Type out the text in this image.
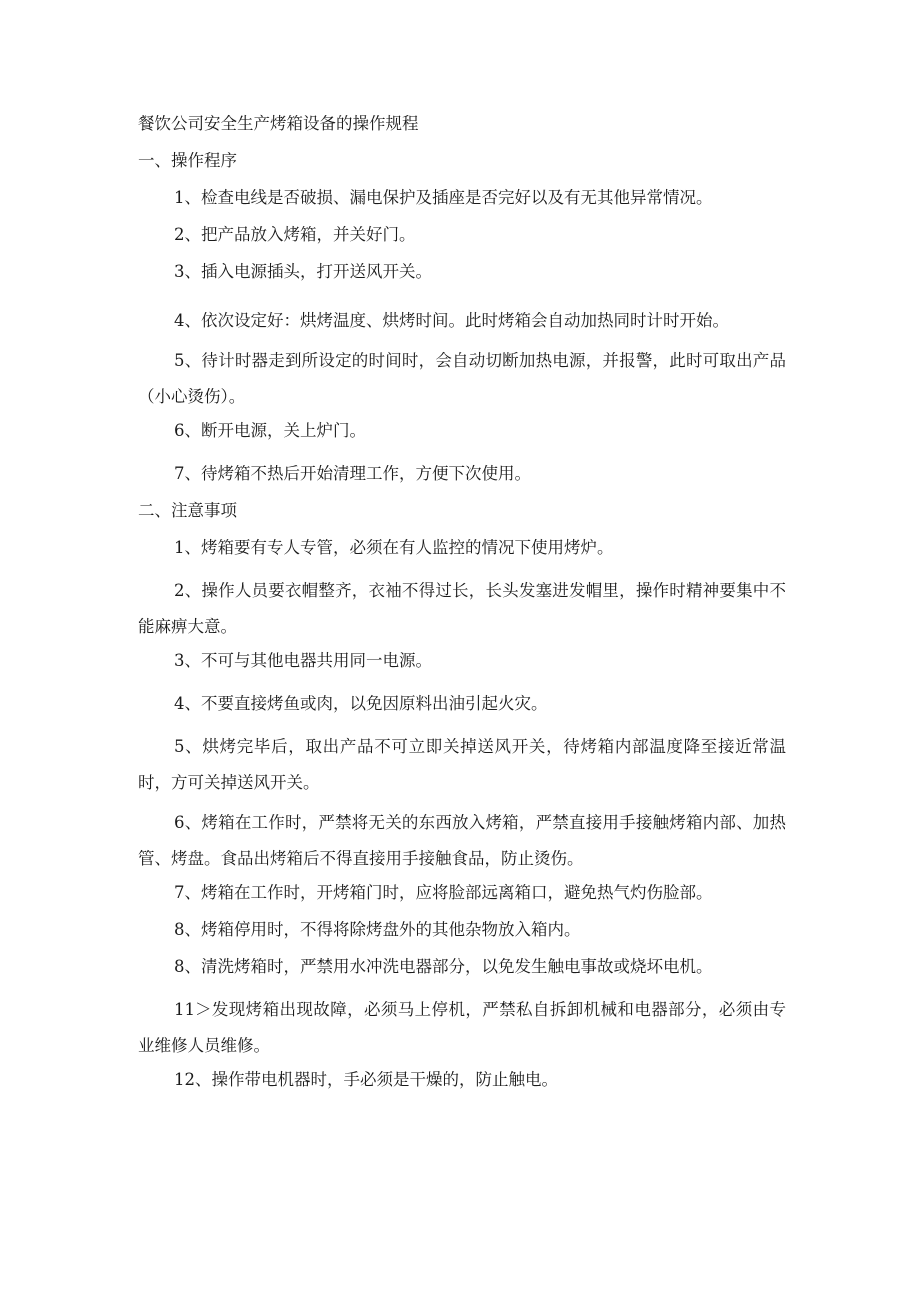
餐饮公司安全生产烤箱设备的操作规程

一、操作程序

1、检查电线是否破损、漏电保护及插座是否完好以及有无其他异常情况。

2、把产品放入烤箱，并关好门。

3、插入电源插头，打开送风开关。

4、依次设定好：烘烤温度、烘烤时间。此时烤箱会自动加热同时计时开始。

5、待计时器走到所设定的时间时，会自动切断加热电源，并报警，此时可取出产品（小心烫伤）。

6、断开电源，关上炉门。

7、待烤箱不热后开始清理工作，方便下次使用。

二、注意事项

1、烤箱要有专人专管，必须在有人监控的情况下使用烤炉。

2、操作人员要衣帽整齐，衣袖不得过长，长头发塞进发帽里，操作时精神要集中不能麻痹大意。

3、不可与其他电器共用同一电源。

4、不要直接烤鱼或肉，以免因原料出油引起火灾。

5、烘烤完毕后，取出产品不可立即关掉送风开关，待烤箱内部温度降至接近常温时，方可关掉送风开关。

6、烤箱在工作时，严禁将无关的东西放入烤箱，严禁直接用手接触烤箱内部、加热管、烤盘。食品出烤箱后不得直接用手接触食品，防止烫伤。

7、烤箱在工作时，开烤箱门时，应将脸部远离箱口，避免热气灼伤脸部。

8、烤箱停用时，不得将除烤盘外的其他杂物放入箱内。

8、清洗烤箱时，严禁用水冲洗电器部分，以免发生触电事故或烧坏电机。

11＞发现烤箱出现故障，必须马上停机，严禁私自拆卸机械和电器部分，必须由专业维修人员维修。

12、操作带电机器时，手必须是干燥的，防止触电。
